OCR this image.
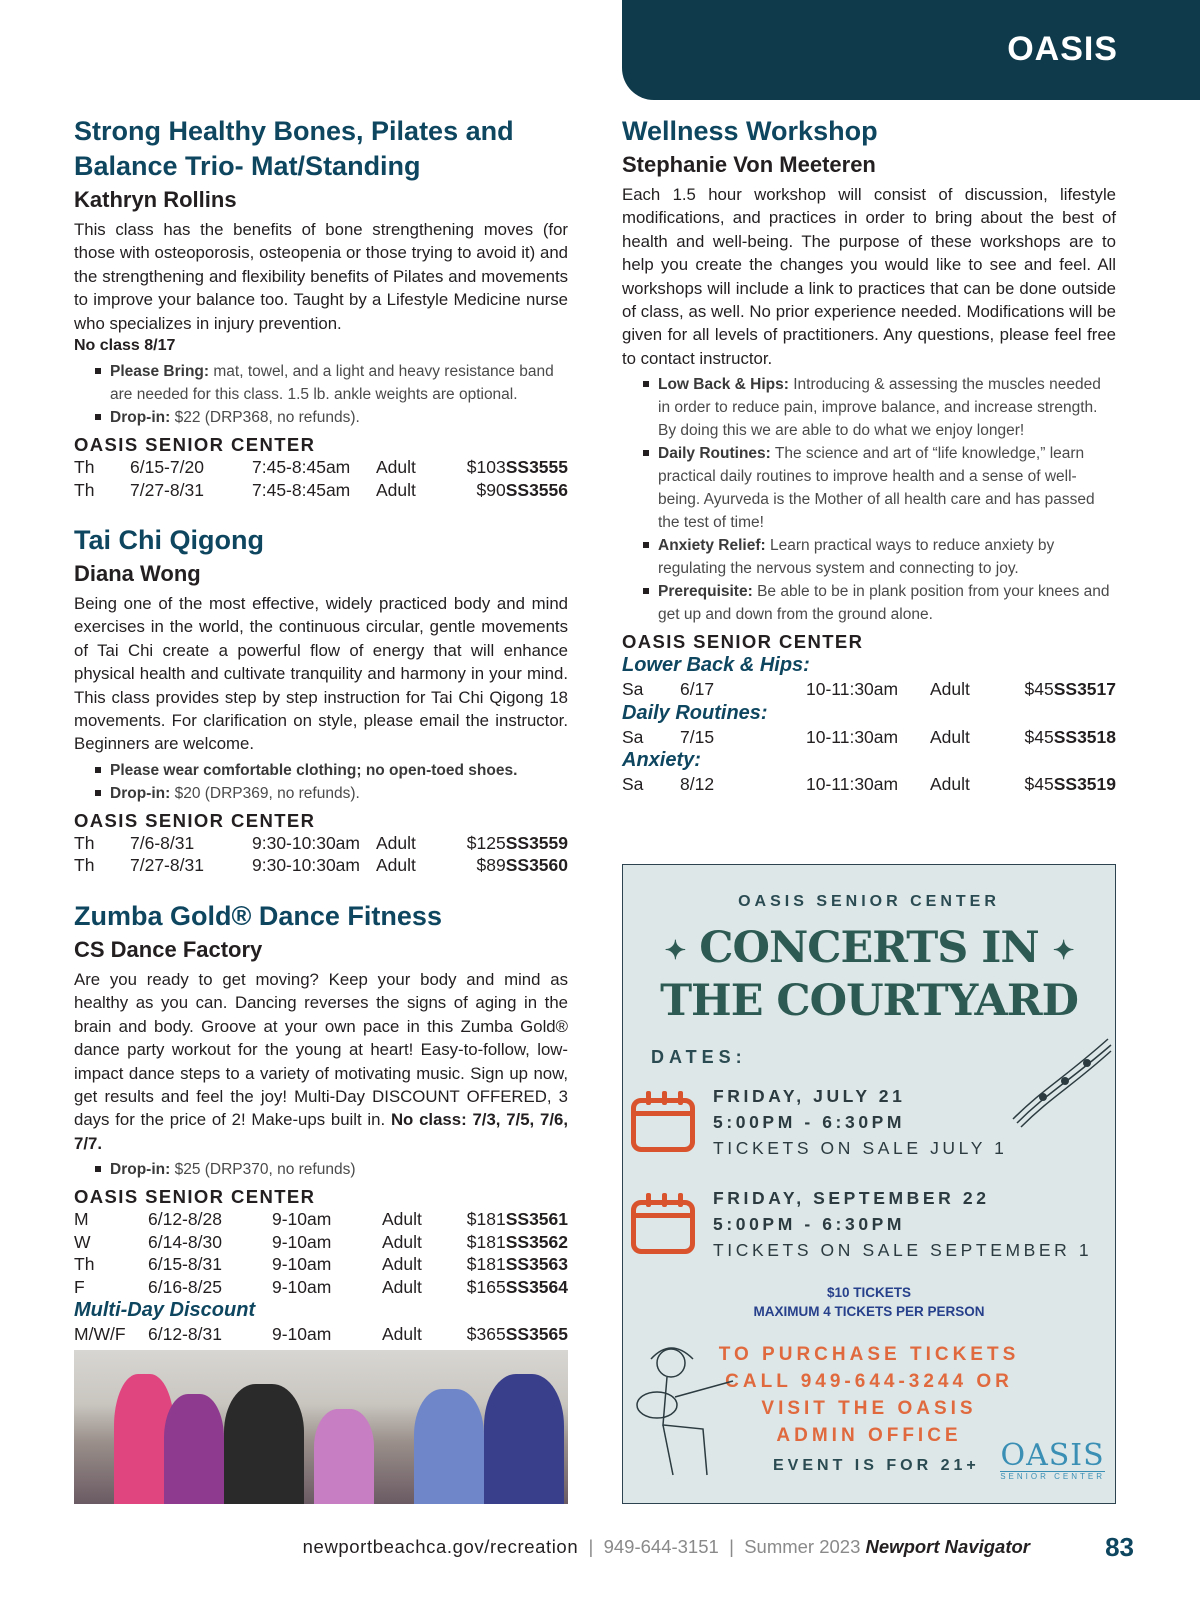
OASIS
Strong Healthy Bones, Pilates and Balance Trio- Mat/Standing
Kathryn Rollins

This class has the benefits of bone strengthening moves (for those with osteoporosis, osteopenia or those trying to avoid it) and the strengthening and flexibility benefits of Pilates and movements to improve your balance too. Taught by a Lifestyle Medicine nurse who specializes in injury prevention.

No class 8/17
Please Bring: mat, towel, and a light and heavy resistance band are needed for this class. 1.5 lb. ankle weights are optional.
Drop-in: $22 (DRP368, no refunds).
OASIS SENIOR CENTER
Th	6/15-7/20	7:45-8:45am	Adult	$103	SS3555
Th	7/27-8/31	7:45-8:45am	Adult	$90	SS3556
Tai Chi Qigong
Diana Wong

Being one of the most effective, widely practiced body and mind exercises in the world, the continuous circular, gentle movements of Tai Chi create a powerful flow of energy that will enhance physical health and cultivate tranquility and harmony in your mind. This class provides step by step instruction for Tai Chi Qigong 18 movements. For clarification on style, please email the instructor. Beginners are welcome.

Please wear comfortable clothing; no open-toed shoes.
Drop-in: $20 (DRP369, no refunds).
OASIS SENIOR CENTER
Th	7/6-8/31	9:30-10:30am	Adult	$125	SS3559
Th	7/27-8/31	9:30-10:30am	Adult	$89	SS3560
Zumba Gold® Dance Fitness
CS Dance Factory

Are you ready to get moving? Keep your body and mind as healthy as you can. Dancing reverses the signs of aging in the brain and body. Groove at your own pace in this Zumba Gold® dance party workout for the young at heart! Easy-to-follow, low-impact dance steps to a variety of motivating music. Sign up now, get results and feel the joy! Multi-Day DISCOUNT OFFERED, 3 days for the price of 2! Make-ups built in. No class: 7/3, 7/5, 7/6, 7/7.

Drop-in: $25 (DRP370, no refunds)
OASIS SENIOR CENTER
M	6/12-8/28	9-10am	Adult	$181	SS3561
W	6/14-8/30	9-10am	Adult	$181	SS3562
Th	6/15-8/31	9-10am	Adult	$181	SS3563
F	6/16-8/25	9-10am	Adult	$165	SS3564
Multi-Day Discount
M/W/F	6/12-8/31	9-10am	Adult	$365	SS3565
Wellness Workshop
Stephanie Von Meeteren

Each 1.5 hour workshop will consist of discussion, lifestyle modifications, and practices in order to bring about the best of health and well-being. The purpose of these workshops are to help you create the changes you would like to see and feel. All workshops will include a link to practices that can be done outside of class, as well. No prior experience needed. Modifications will be given for all levels of practitioners. Any questions, please feel free to contact instructor.

Low Back & Hips: Introducing & assessing the muscles needed in order to reduce pain, improve balance, and increase strength. By doing this we are able to do what we enjoy longer!
Daily Routines: The science and art of “life knowledge,” learn practical daily routines to improve health and a sense of well-being. Ayurveda is the Mother of all health care and has passed the test of time!
Anxiety Relief: Learn practical ways to reduce anxiety by regulating the nervous system and connecting to joy.
Prerequisite: Be able to be in plank position from your knees and get up and down from the ground alone.
OASIS SENIOR CENTER
Lower Back & Hips:
Sa	6/17	10-11:30am	Adult	$45	SS3517
Daily Routines:
Sa	7/15	10-11:30am	Adult	$45	SS3518
Anxiety:
Sa	8/12	10-11:30am	Adult	$45	SS3519
OASIS SENIOR CENTER
✦ CONCERTS IN ✦
THE COURTYARD
DATES:
FRIDAY, JULY 21
5:00PM - 6:30PM
TICKETS ON SALE JULY 1
FRIDAY, SEPTEMBER 22
5:00PM - 6:30PM
TICKETS ON SALE SEPTEMBER 1
$10 TICKETS
MAXIMUM 4 TICKETS PER PERSON
TO PURCHASE TICKETS
CALL 949-644-3244 OR
VISIT THE OASIS
ADMIN OFFICE
EVENT IS FOR 21+ OASIS
SENIOR CENTER
newportbeachca.gov/recreation | 949-644-3151 | Summer 2023 Newport Navigator	83
